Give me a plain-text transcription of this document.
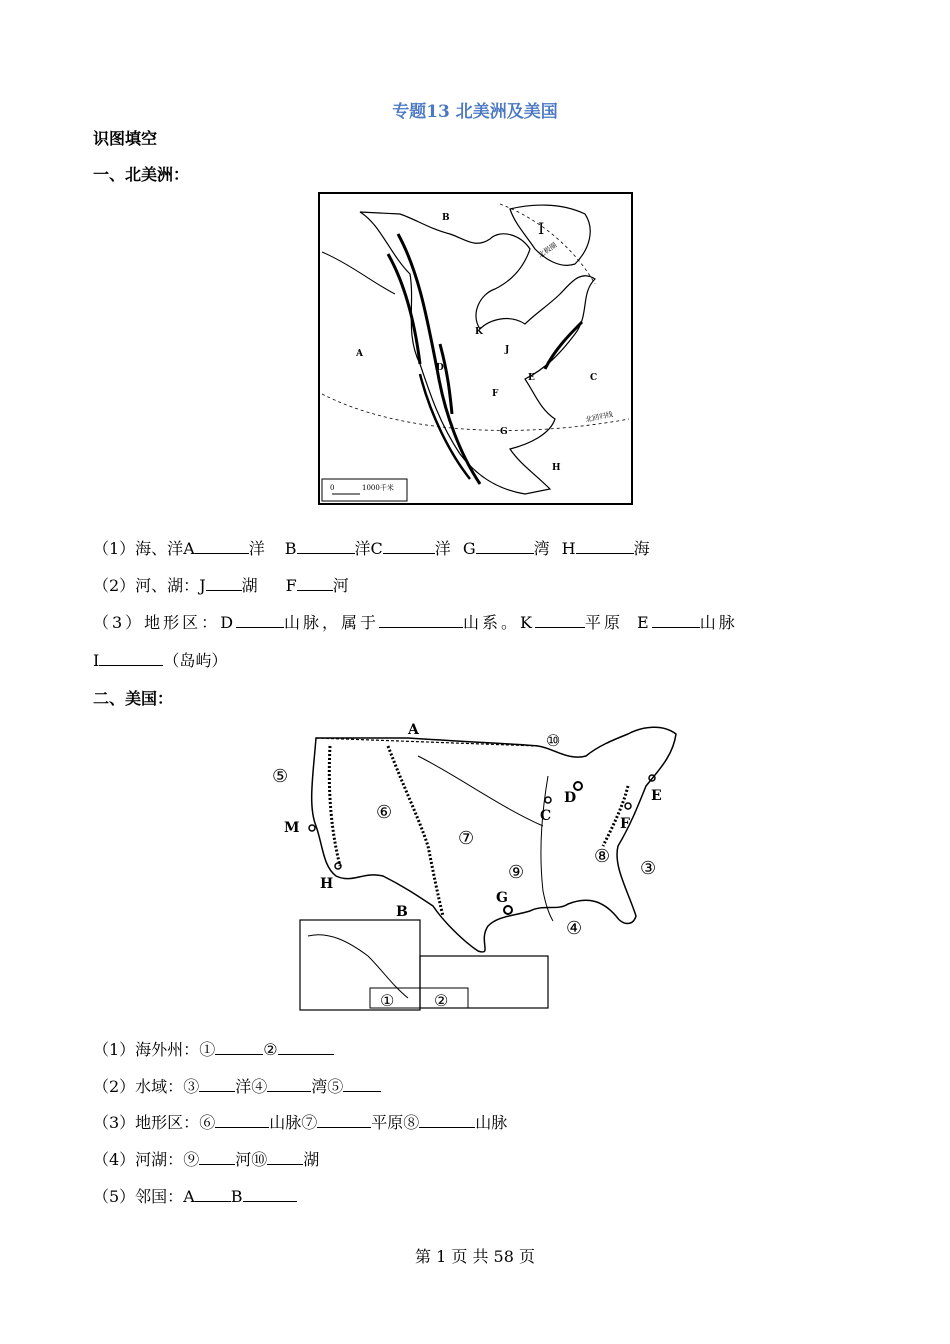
专题13 北美洲及美国
识图填空
一、北美洲：
B
I
A
K
J
D
E	C
F
G
H
北极圈
北回归线
0	1000千米
（1）海、洋A	洋 B	洋C	洋 G	湾 H	海
（2）河、湖：J 湖 F 河
（3）地形区：D	山脉，属于	山系。K	平原 E	山脉
I	（岛屿）
二、美国：
A
B
C
D	E
F
G
H
M
① ②
③
④
⑤
⑥
⑦
⑧
⑨
⑩
（1）海外州：①	②
（2）水域：③ 洋④	湾⑤
（3）地形区：⑥	山脉⑦	平原⑧	山脉
（4）河湖：⑨ 河⑩ 湖
（5）邻国：A B
第 1 页 共 58 页
